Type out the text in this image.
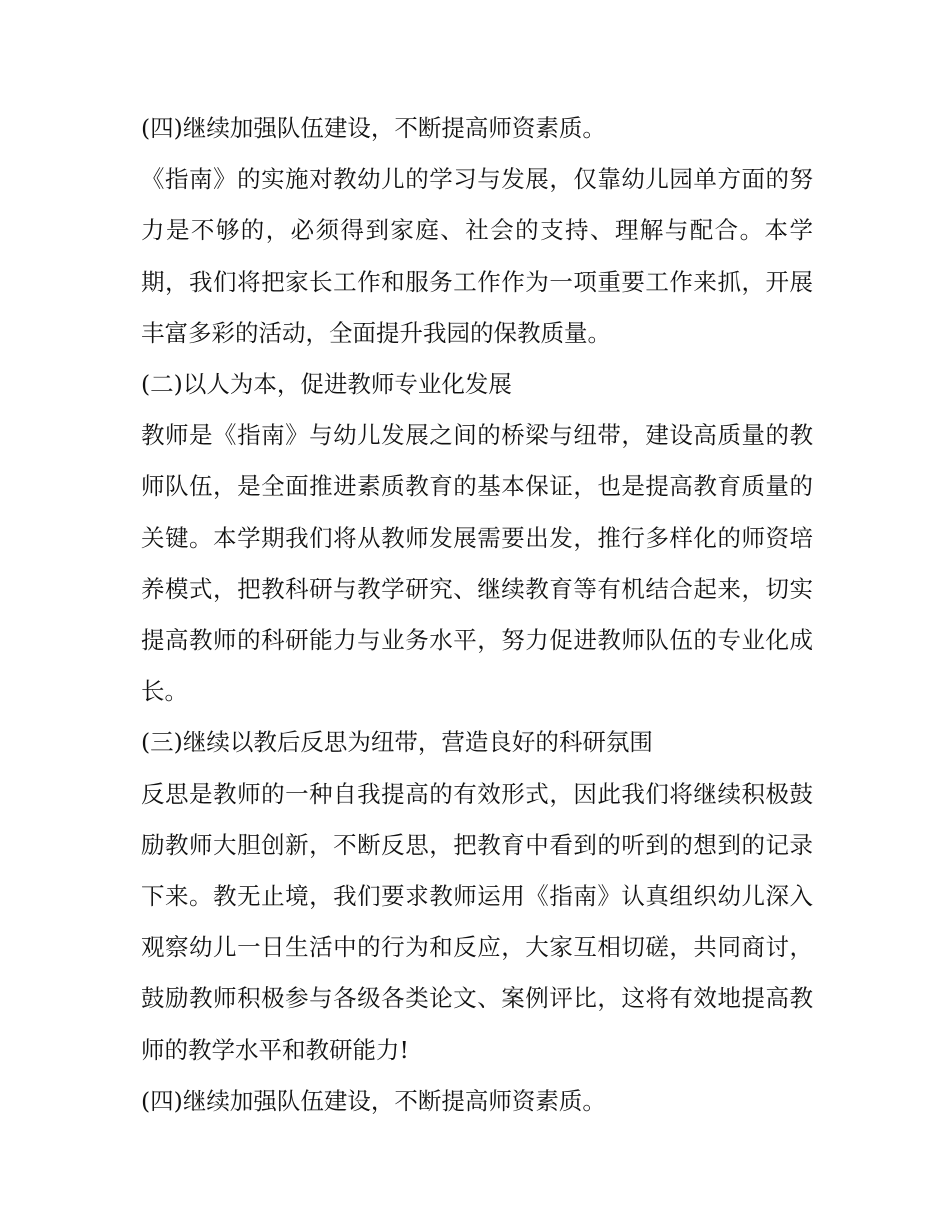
(四)继续加强队伍建设，不断提高师资素质。

《指南》的实施对教幼儿的学习与发展，仅靠幼儿园单方面的努力是不够的，必须得到家庭、社会的支持、理解与配合。本学期，我们将把家长工作和服务工作作为一项重要工作来抓，开展丰富多彩的活动，全面提升我园的保教质量。

(二)以人为本，促进教师专业化发展

教师是《指南》与幼儿发展之间的桥梁与纽带，建设高质量的教师队伍，是全面推进素质教育的基本保证，也是提高教育质量的关键。本学期我们将从教师发展需要出发，推行多样化的师资培养模式，把教科研与教学研究、继续教育等有机结合起来，切实提高教师的科研能力与业务水平，努力促进教师队伍的专业化成长。

(三)继续以教后反思为纽带，营造良好的科研氛围

反思是教师的一种自我提高的有效形式，因此我们将继续积极鼓励教师大胆创新，不断反思，把教育中看到的听到的想到的记录下来。教无止境，我们要求教师运用《指南》认真组织幼儿深入观察幼儿一日生活中的行为和反应，大家互相切磋，共同商讨，鼓励教师积极参与各级各类论文、案例评比，这将有效地提高教师的教学水平和教研能力!

(四)继续加强队伍建设，不断提高师资素质。
